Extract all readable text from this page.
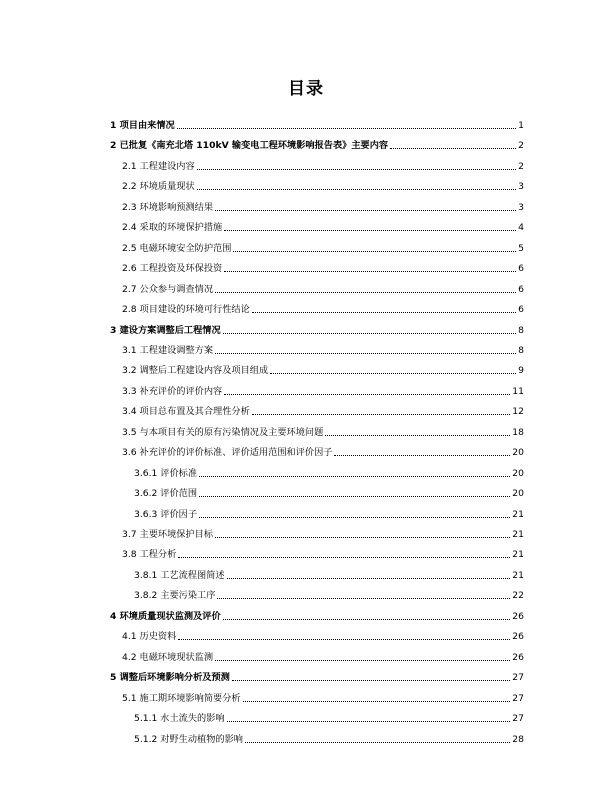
目录
1 项目由来情况	1
2 已批复《南充北塔 110kV 输变电工程环境影响报告表》主要内容	2
2.1 工程建设内容	2
2.2 环境质量现状	3
2.3 环境影响预测结果	3
2.4 采取的环境保护措施	4
2.5 电磁环境安全防护范围	5
2.6 工程投资及环保投资	6
2.7 公众参与调查情况	6
2.8 项目建设的环境可行性结论	6
3 建设方案调整后工程情况	8
3.1 工程建设调整方案	8
3.2 调整后工程建设内容及项目组成	9
3.3 补充评价的评价内容	11
3.4 项目总布置及其合理性分析	12
3.5 与本项目有关的原有污染情况及主要环境问题	18
3.6 补充评价的评价标准、评价适用范围和评价因子	20
3.6.1 评价标准	20
3.6.2 评价范围	20
3.6.3 评价因子	21
3.7 主要环境保护目标	21
3.8 工程分析	21
3.8.1 工艺流程图简述	21
3.8.2 主要污染工序	22
4 环境质量现状监测及评价	26
4.1 历史资料	26
4.2 电磁环境现状监测	26
5 调整后环境影响分析及预测	27
5.1 施工期环境影响简要分析	27
5.1.1 水土流失的影响	27
5.1.2 对野生动植物的影响	28
